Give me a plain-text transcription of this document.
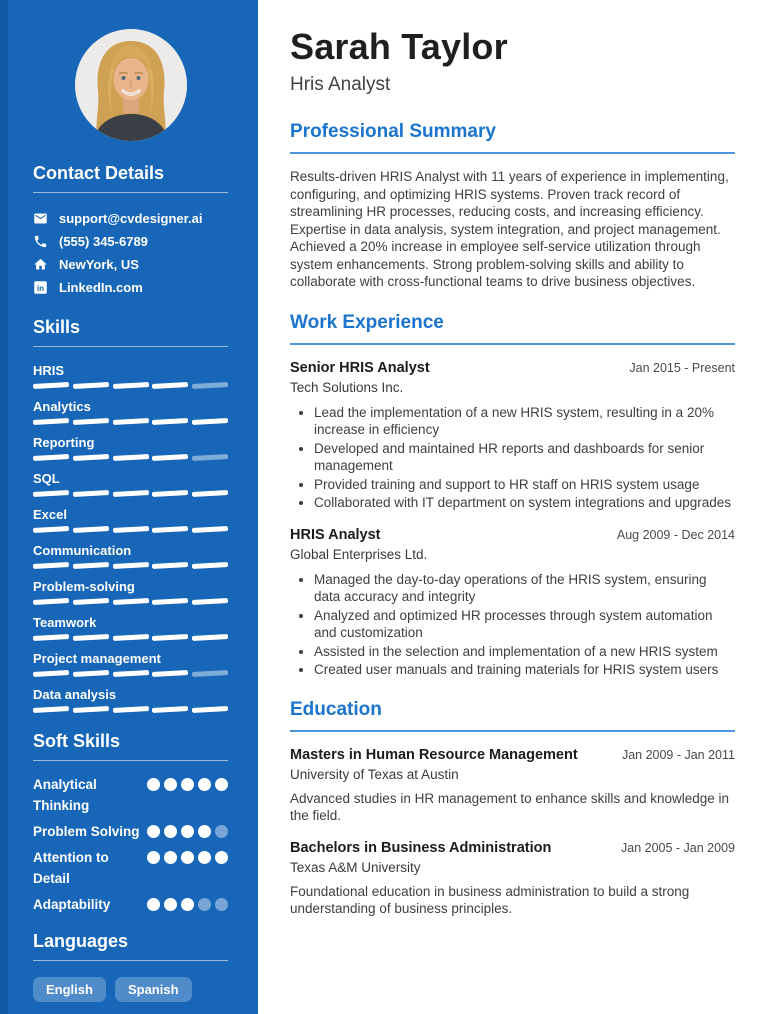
Contact Details
support@cvdesigner.ai
(555) 345-6789
NewYork, US
in LinkedIn.com
Skills
HRIS
Analytics
Reporting
SQL
Excel
Communication
Problem-solving
Teamwork
Project management
Data analysis
Soft Skills
Analytical Thinking
Problem Solving
Attention to Detail
Adaptability
Languages
English	Spanish
Sarah Taylor
Hris Analyst
Professional Summary

Results-driven HRIS Analyst with 11 years of experience in implementing, configuring, and optimizing HRIS systems. Proven track record of streamlining HR processes, reducing costs, and increasing efficiency. Expertise in data analysis, system integration, and project management. Achieved a 20% increase in employee self-service utilization through system enhancements. Strong problem-solving skills and ability to collaborate with cross-functional teams to drive business objectives.

Work Experience
Senior HRIS Analyst	Jan 2015 - Present
Tech Solutions Inc.
• Lead the implementation of a new HRIS system, resulting in a 20% increase in efficiency
• Developed and maintained HR reports and dashboards for senior management
• Provided training and support to HR staff on HRIS system usage
• Collaborated with IT department on system integrations and upgrades
HRIS Analyst	Aug 2009 - Dec 2014
Global Enterprises Ltd.
• Managed the day-to-day operations of the HRIS system, ensuring data accuracy and integrity
• Analyzed and optimized HR processes through system automation and customization
• Assisted in the selection and implementation of a new HRIS system
• Created user manuals and training materials for HRIS system users
Education
Masters in Human Resource Management	Jan 2009 - Jan 2011
University of Texas at Austin

Advanced studies in HR management to enhance skills and knowledge in the field.

Bachelors in Business Administration	Jan 2005 - Jan 2009
Texas A&M University

Foundational education in business administration to build a strong understanding of business principles.
